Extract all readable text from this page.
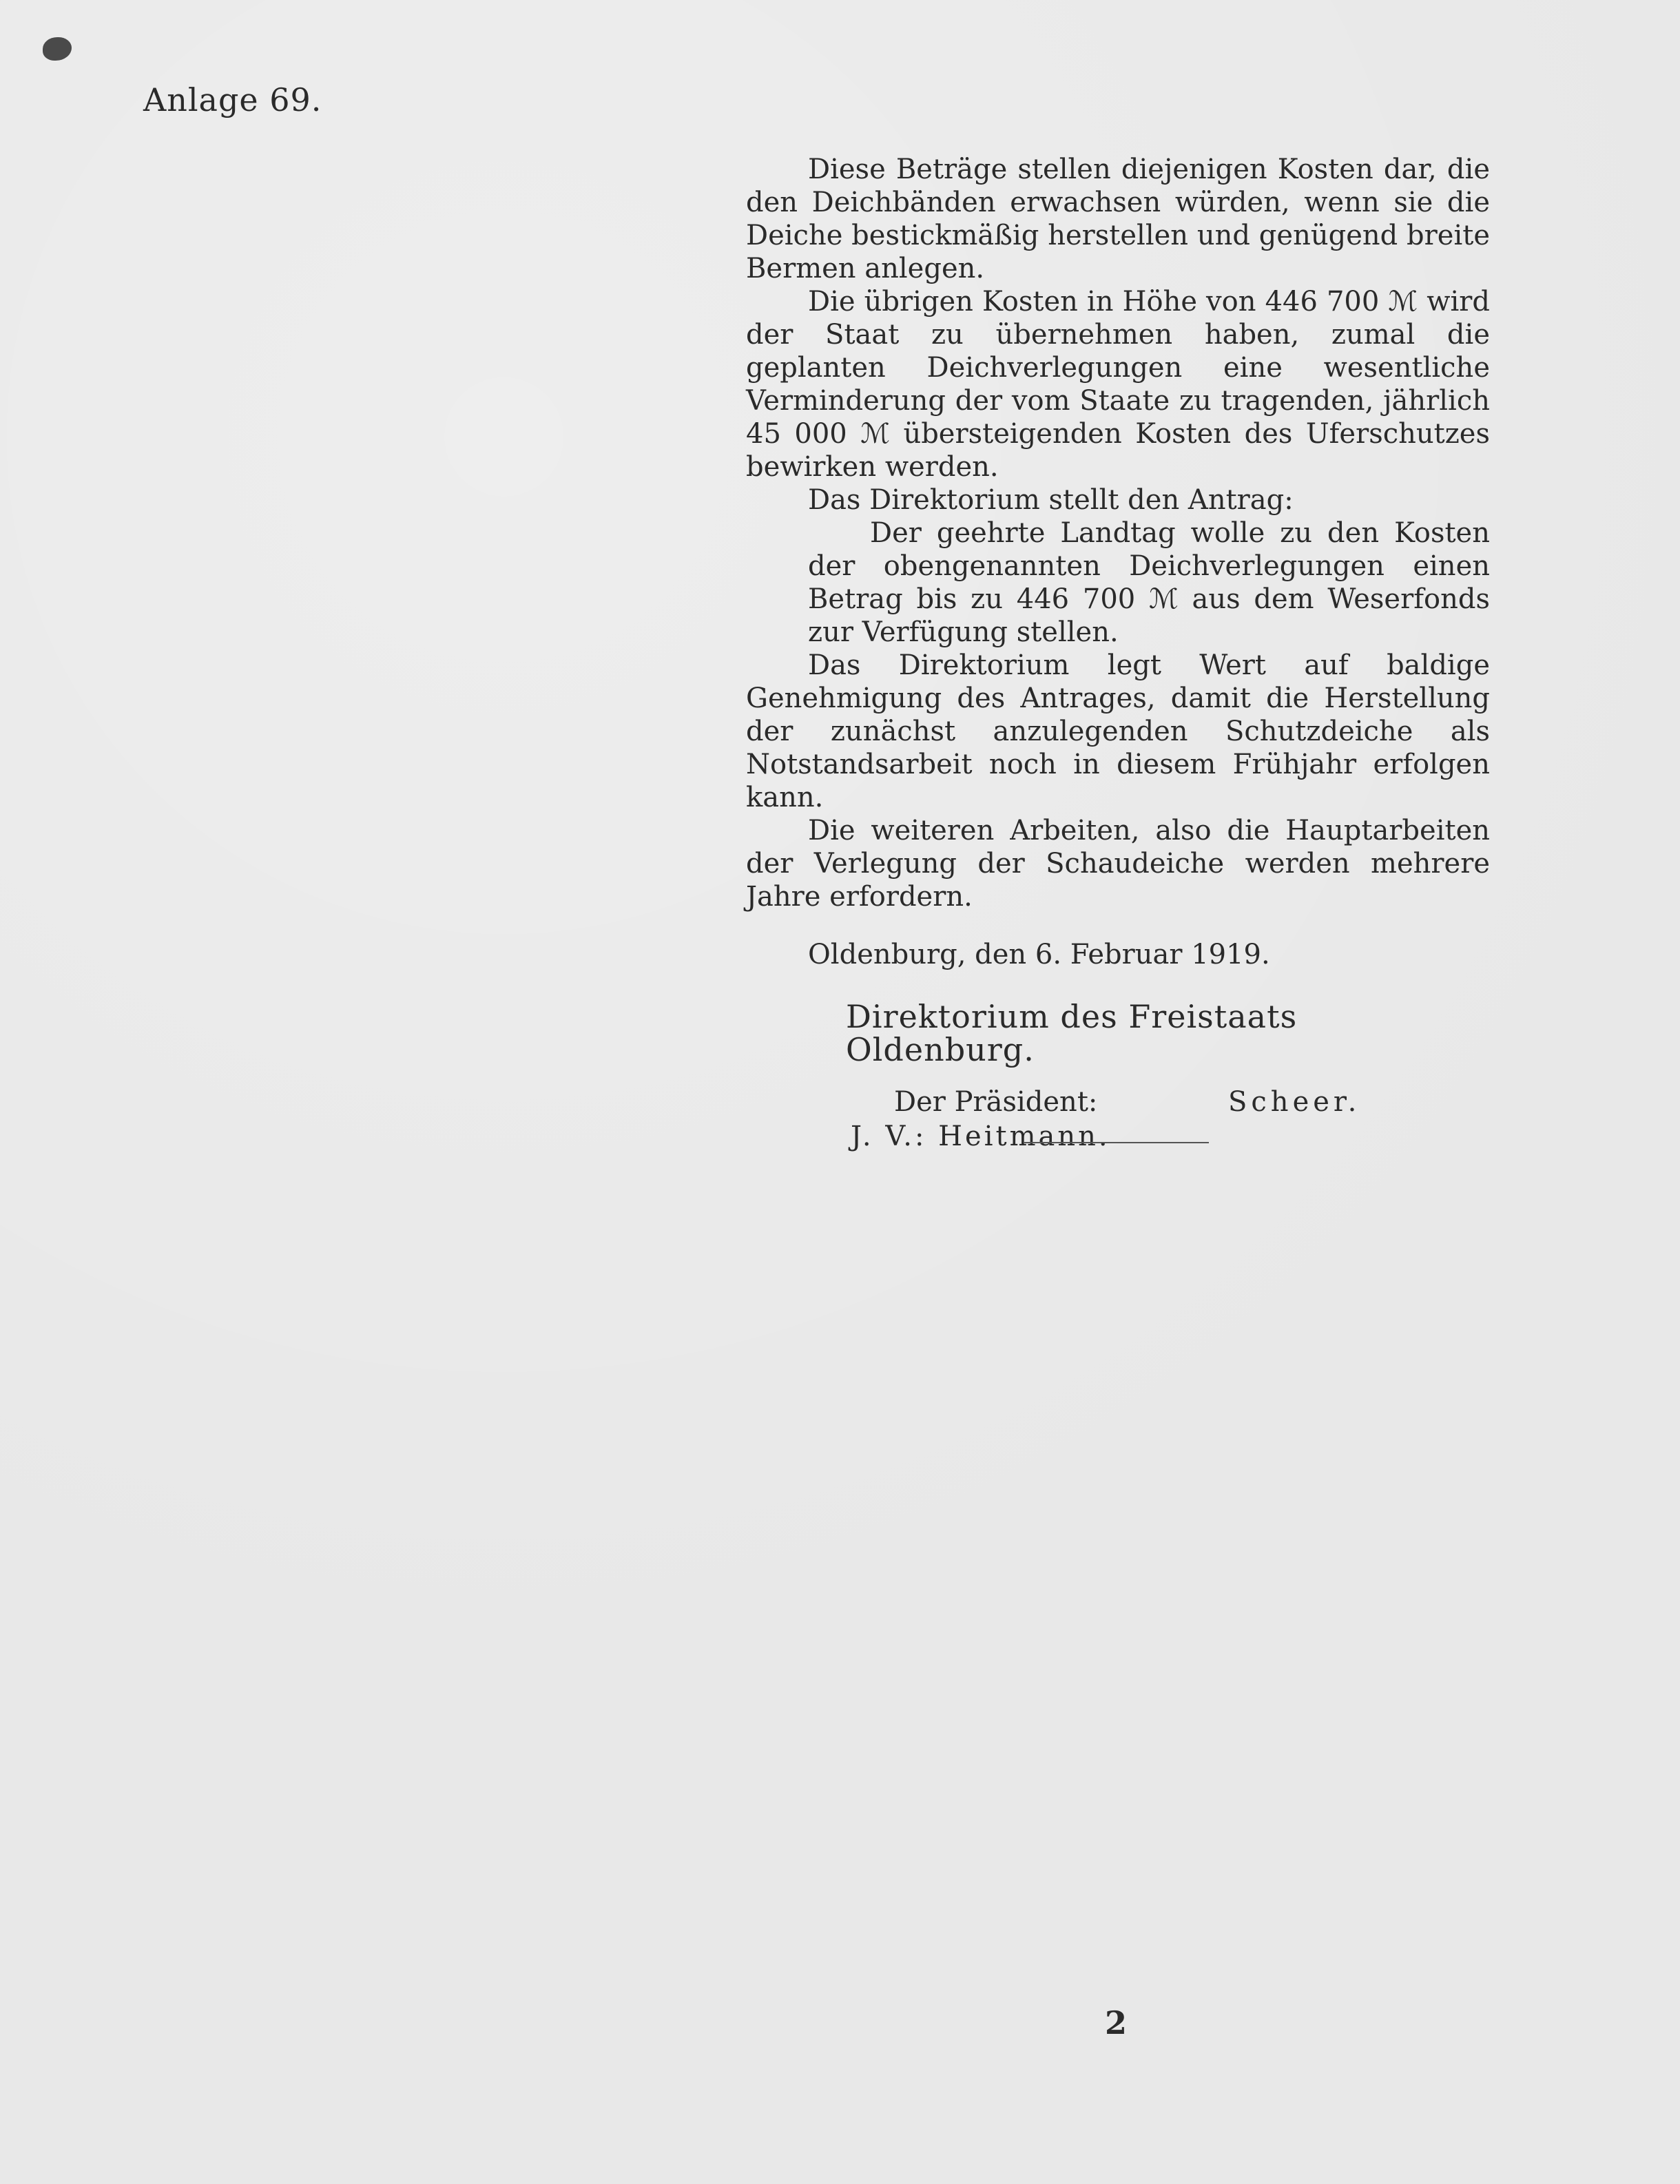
Anlage 69.

Diese Beträge stellen diejenigen Kosten dar, die den Deichbänden erwachsen würden, wenn sie die Deiche bestickmäßig herstellen und genügend breite Bermen anlegen.

Die übrigen Kosten in Höhe von 446 700 ℳ wird der Staat zu übernehmen haben, zumal die geplanten Deichverlegungen eine wesentliche Verminderung der vom Staate zu tragenden, jährlich 45 000 ℳ übersteigenden Kosten des Uferschutzes bewirken werden.

Das Direktorium stellt den Antrag:

Der geehrte Landtag wolle zu den Kosten der obengenannten Deichverlegungen einen Betrag bis zu 446 700 ℳ aus dem Weserfonds zur Verfügung stellen.

Das Direktorium legt Wert auf baldige Genehmigung des Antrages, damit die Herstellung der zunächst anzulegenden Schutzdeiche als Notstandsarbeit noch in diesem Frühjahr erfolgen kann.

Die weiteren Arbeiten, also die Hauptarbeiten der Verlegung der Schaudeiche werden mehrere Jahre erfordern.

Oldenburg, den 6. Februar 1919.

Direktorium des Freistaats Oldenburg.

Der Präsident:	Scheer.

J. V.: Heitmann.

2
